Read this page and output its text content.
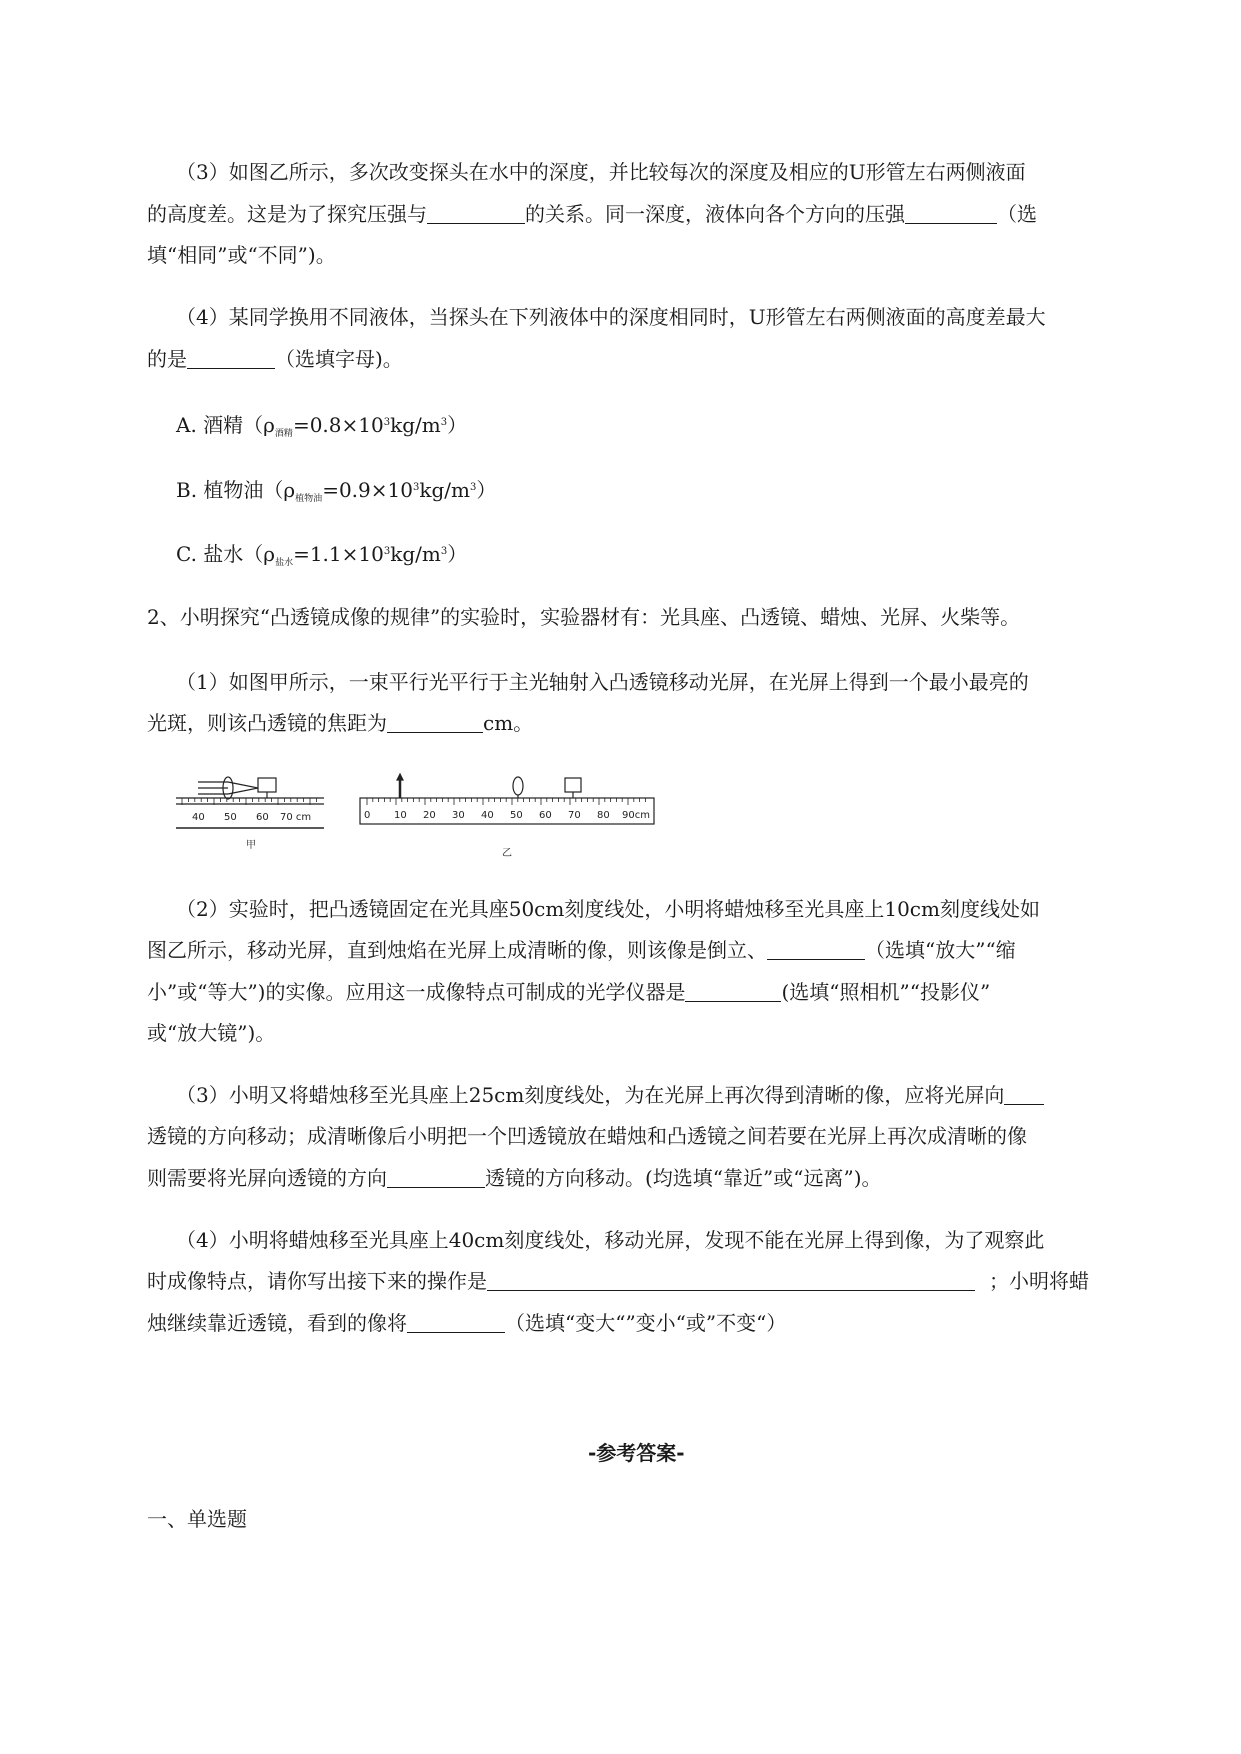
（3）如图乙所示，多次改变探头在水中的深度，并比较每次的深度及相应的U形管左右两侧液面
的高度差。这是为了探究压强与	的关系。同一深度，液体向各个方向的压强	（选
填“相同”或“不同”)。
（4）某同学换用不同液体，当探头在下列液体中的深度相同时，U形管左右两侧液面的高度差最大
的是	（选填字母)。
A. 酒精$(\rho_{酒精}=0.8\times 10^3kg/m^3)$
B. 植物油$(\rho_{植物油}=0.9\times 10^3kg/m^3)$
C. 盐水$(\rho_{盐水}=1.1\times 10^3kg/m^3)$
2、小明探究“凸透镜成像的规律”的实验时，实验器材有：光具座、凸透镜、蜡烛、光屏、火柴等。
（1）如图甲所示，一束平行光平行于主光轴射入凸透镜移动光屏，在光屏上得到一个最小最亮的
光斑，则该凸透镜的焦距为	cm。
40 50 60 70 cm
甲
0 10 20 30 40 50 60 70 80 90cm
乙
（2）实验时，把凸透镜固定在光具座50cm刻度线处，小明将蜡烛移至光具座上10cm刻度线处如
图乙所示，移动光屏，直到烛焰在光屏上成清晰的像，则该像是倒立、	（选填“放大”“缩
小”或“等大”)的实像。应用这一成像特点可制成的光学仪器是	(选填“照相机”“投影仪”
或“放大镜”)。
（3）小明又将蜡烛移至光具座上25cm刻度线处，为在光屏上再次得到清晰的像，应将光屏向
透镜的方向移动；成清晰像后小明把一个凹透镜放在蜡烛和凸透镜之间若要在光屏上再次成清晰的像
则需要将光屏向透镜的方向	透镜的方向移动。(均选填“靠近”或“远离”)。
（4）小明将蜡烛移至光具座上40cm刻度线处，移动光屏，发现不能在光屏上得到像，为了观察此
时成像特点，请你写出接下来的操作是	；小明将蜡
烛继续靠近透镜，看到的像将	（选填“变大“”变小“或”不变“）
-参考答案-
一、单选题
